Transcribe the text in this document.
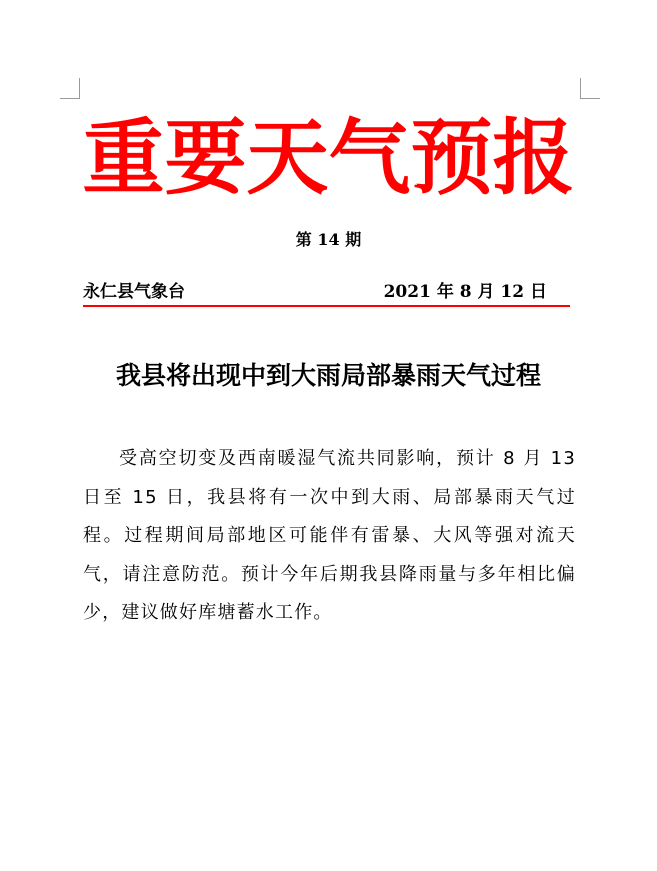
重要天气预报
第 14 期
永仁县气象台	2021 年 8 月 12 日
我县将出现中到大雨局部暴雨天气过程

受高空切变及西南暖湿气流共同影响，预计 8 月 13 日至 15 日，我县将有一次中到大雨、局部暴雨天气过程。过程期间局部地区可能伴有雷暴、大风等强对流天气，请注意防范。预计今年后期我县降雨量与多年相比偏少，建议做好库塘蓄水工作。
